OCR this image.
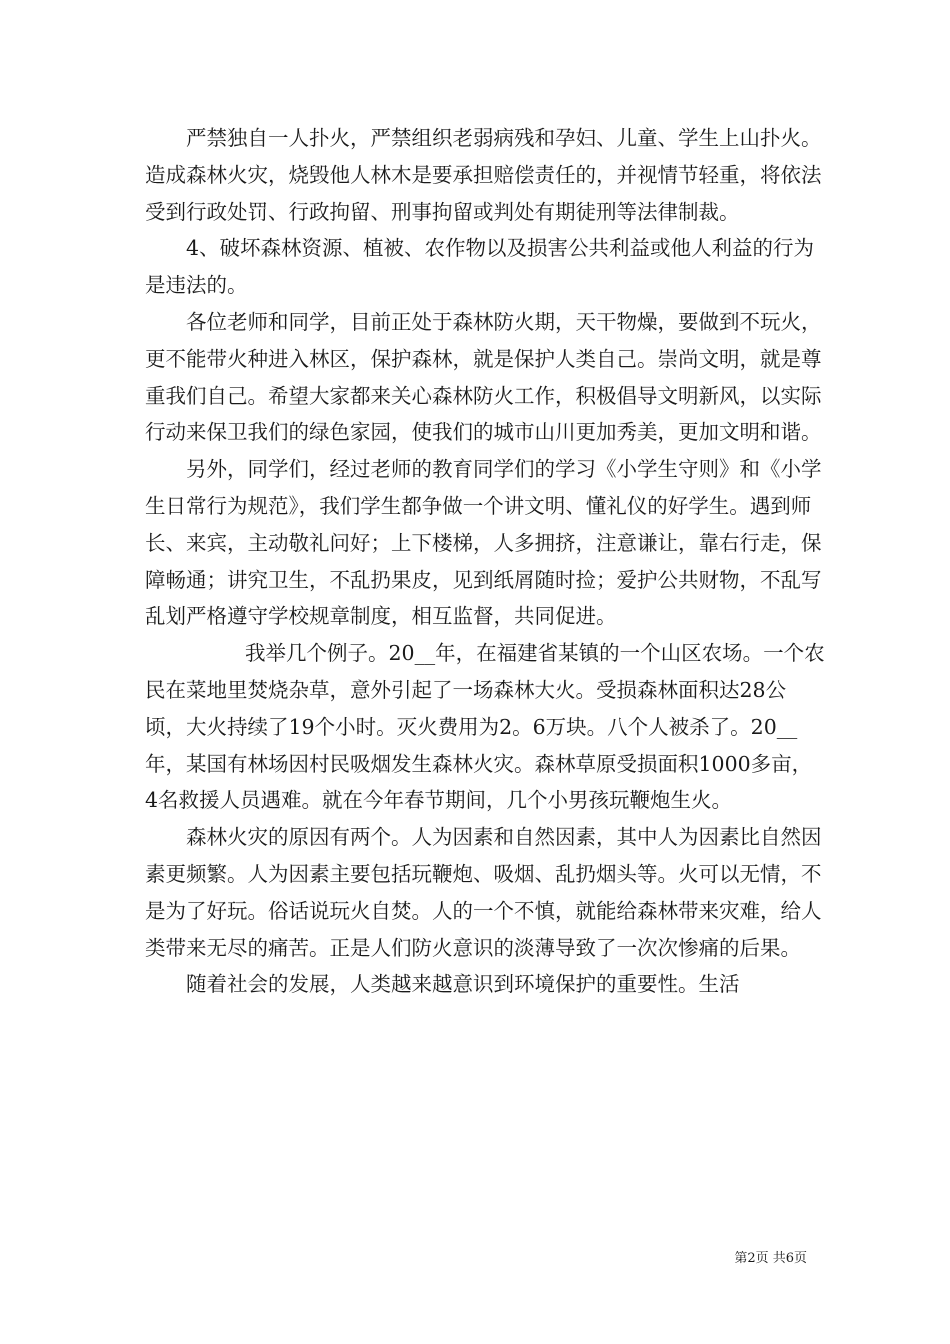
严禁独自一人扑火，严禁组织老弱病残和孕妇、儿童、学生上山扑火。造成森林火灾，烧毁他人林木是要承担赔偿责任的，并视情节轻重，将依法受到行政处罚、行政拘留、刑事拘留或判处有期徒刑等法律制裁。

4、破坏森林资源、植被、农作物以及损害公共利益或他人利益的行为是违法的。

各位老师和同学，目前正处于森林防火期，天干物燥，要做到不玩火，更不能带火种进入林区，保护森林，就是保护人类自己。崇尚文明，就是尊重我们自己。希望大家都来关心森林防火工作，积极倡导文明新风，以实际行动来保卫我们的绿色家园，使我们的城市山川更加秀美，更加文明和谐。

另外，同学们，经过老师的教育同学们的学习《小学生守则》和《小学生日常行为规范》，我们学生都争做一个讲文明、懂礼仪的好学生。遇到师长、来宾，主动敬礼问好；上下楼梯，人多拥挤，注意谦让，靠右行走，保障畅通；讲究卫生，不乱扔果皮，见到纸屑随时捡；爱护公共财物，不乱写乱划严格遵守学校规章制度，相互监督，共同促进。

我举几个例子。20__年，在福建省某镇的一个山区农场。一个农民在菜地里焚烧杂草，意外引起了一场森林大火。受损森林面积达28公顷，大火持续了19个小时。灭火费用为2。6万块。八个人被杀了。20__年，某国有林场因村民吸烟发生森林火灾。森林草原受损面积1000多亩，4名救援人员遇难。就在今年春节期间，几个小男孩玩鞭炮生火。

森林火灾的原因有两个。人为因素和自然因素，其中人为因素比自然因素更频繁。人为因素主要包括玩鞭炮、吸烟、乱扔烟头等。火可以无情，不是为了好玩。俗话说玩火自焚。人的一个不慎，就能给森林带来灾难，给人类带来无尽的痛苦。正是人们防火意识的淡薄导致了一次次惨痛的后果。

随着社会的发展，人类越来越意识到环境保护的重要性。生活

第2页 共6页
